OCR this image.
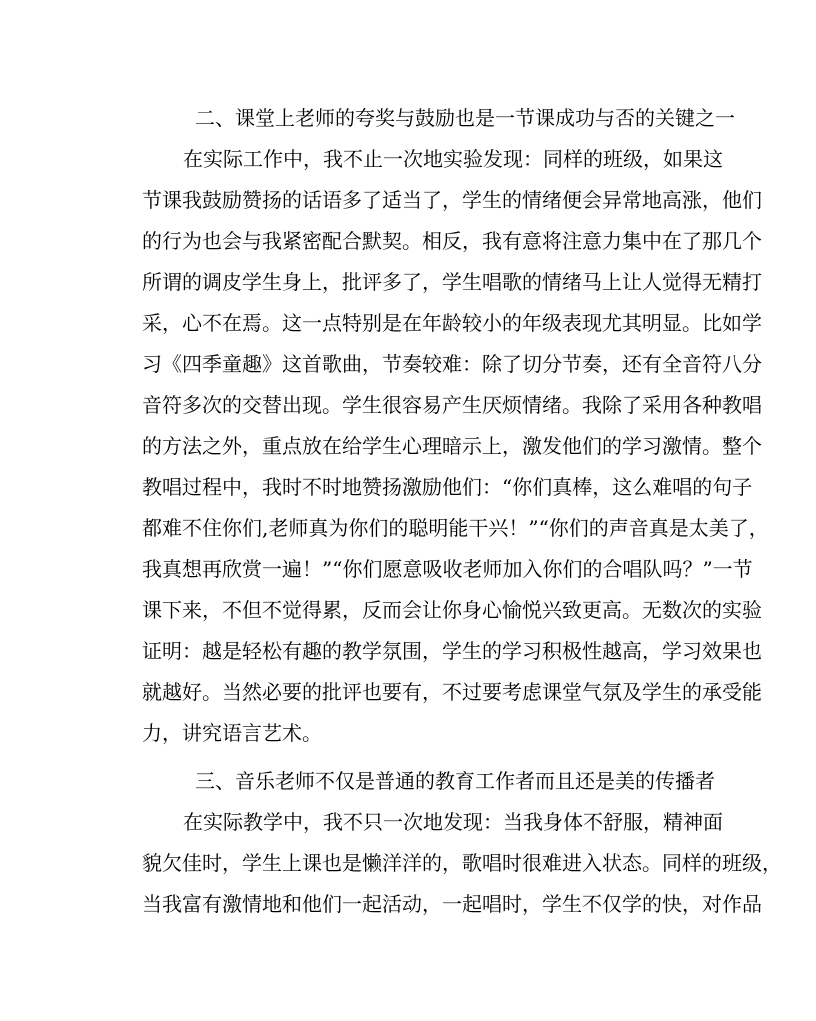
二、课堂上老师的夸奖与鼓励也是一节课成功与否的关键之一
在实际工作中，我不止一次地实验发现：同样的班级，如果这
节课我鼓励赞扬的话语多了适当了，学生的情绪便会异常地高涨，他们
的行为也会与我紧密配合默契。相反，我有意将注意力集中在了那几个
所谓的调皮学生身上，批评多了，学生唱歌的情绪马上让人觉得无精打
采，心不在焉。这一点特别是在年龄较小的年级表现尤其明显。比如学
习《四季童趣》这首歌曲，节奏较难：除了切分节奏，还有全音符八分
音符多次的交替出现。学生很容易产生厌烦情绪。我除了采用各种教唱
的方法之外，重点放在给学生心理暗示上，激发他们的学习激情。整个
教唱过程中，我时不时地赞扬激励他们：“你们真棒，这么难唱的句子
都难不住你们,老师真为你们的聪明能干兴！”“你们的声音真是太美了，
我真想再欣赏一遍！”“你们愿意吸收老师加入你们的合唱队吗？”一节
课下来，不但不觉得累，反而会让你身心愉悦兴致更高。无数次的实验
证明：越是轻松有趣的教学氛围，学生的学习积极性越高，学习效果也
就越好。当然必要的批评也要有，不过要考虑课堂气氛及学生的承受能
力，讲究语言艺术。
三、音乐老师不仅是普通的教育工作者而且还是美的传播者
在实际教学中，我不只一次地发现：当我身体不舒服，精神面
貌欠佳时，学生上课也是懒洋洋的，歌唱时很难进入状态。同样的班级，
当我富有激情地和他们一起活动，一起唱时，学生不仅学的快，对作品
